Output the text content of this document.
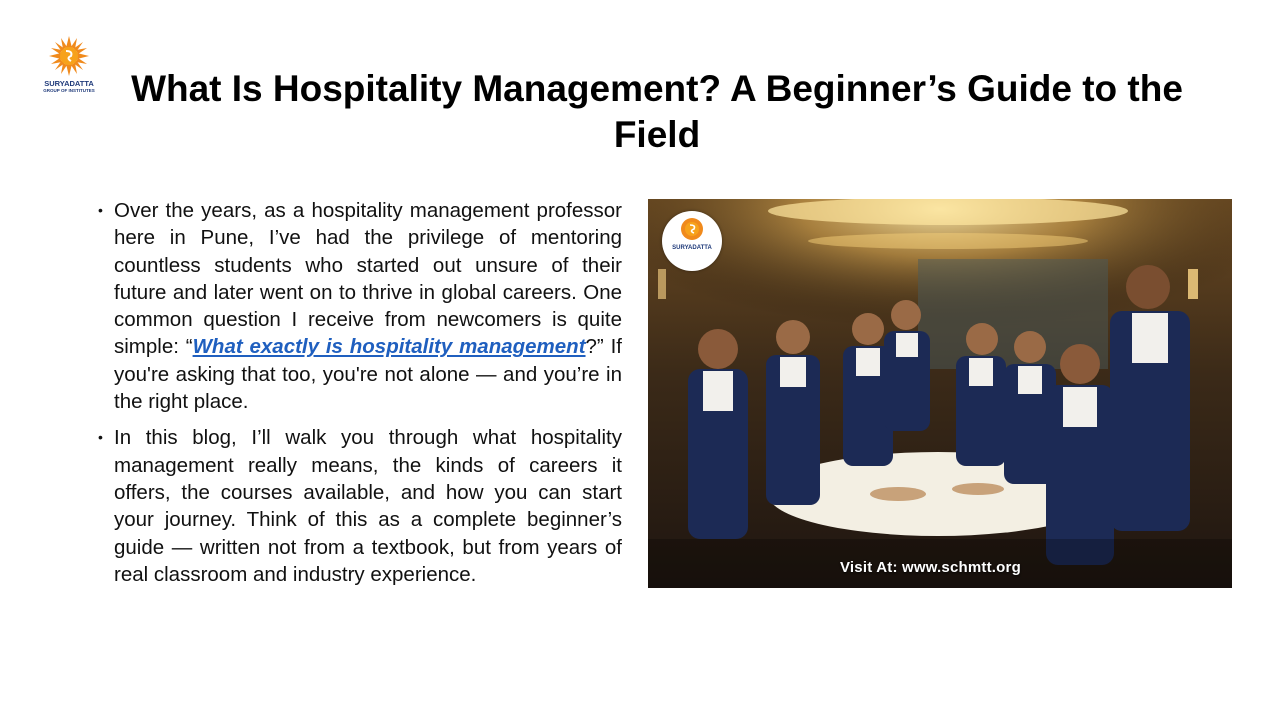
SURYADATTA
GROUP OF INSTITUTES What Is Hospitality Management? A Beginner’s Guide to the Field
• Over the years, as a hospitality management professor here in Pune, I’ve had the privilege of mentoring countless students who started out unsure of their future and later went on to thrive in global careers. One common question I receive from newcomers is quite simple: “What exactly is hospitality management?” If you're asking that too, you're not alone — and you’re in the right place.
• In this blog, I’ll walk you through what hospitality management really means, the kinds of careers it offers, the courses available, and how you can start your journey. Think of this as a complete beginner’s guide — written not from a textbook, but from years of real classroom and industry experience.
SURYADATTA
Visit At: www.schmtt.org
